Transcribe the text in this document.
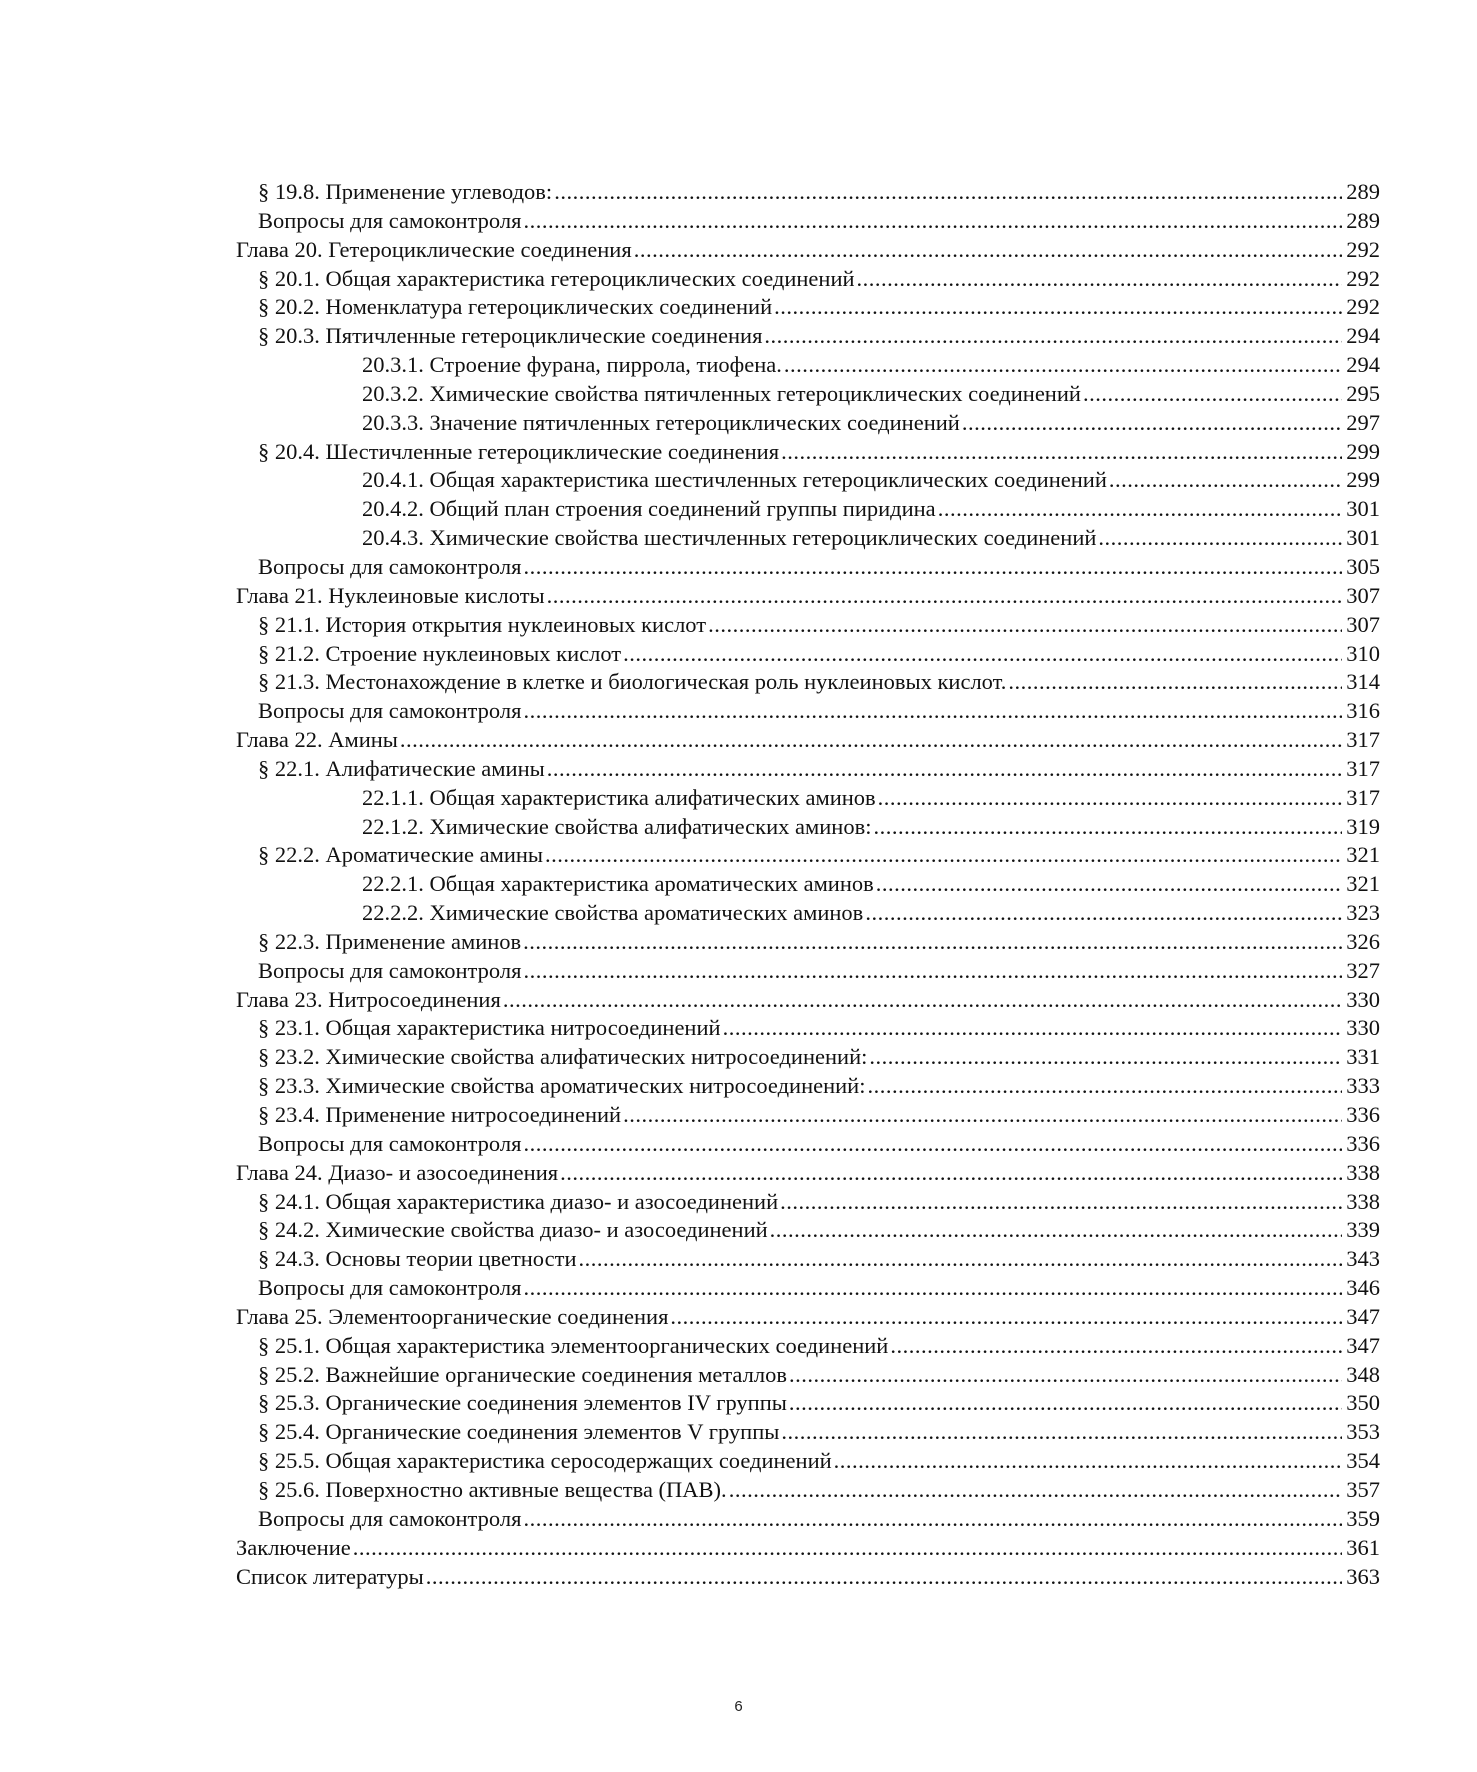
§ 19.8. Применение углеводов: .....	289
Вопросы для самоконтроля .....	289
Глава 20. Гетероциклические соединения .....	292
§ 20.1. Общая характеристика гетероциклических соединений .....	292
§ 20.2. Номенклатура гетероциклических соединений .....	292
§ 20.3. Пятичленные гетероциклические соединения .....	294
20.3.1. Строение фурана, пиррола, тиофена. .....	294
20.3.2. Химические свойства пятичленных гетероциклических соединений .....	295
20.3.3. Значение пятичленных гетероциклических соединений .....	297
§ 20.4. Шестичленные гетероциклические соединения .....	299
20.4.1. Общая характеристика шестичленных гетероциклических соединений .....	299
20.4.2. Общий план строения соединений группы пиридина .....	301
20.4.3. Химические свойства шестичленных гетероциклических соединений .....	301
Вопросы для самоконтроля .....	305
Глава 21. Нуклеиновые кислоты .....	307
§ 21.1. История открытия нуклеиновых кислот .....	307
§ 21.2. Строение нуклеиновых кислот .....	310
§ 21.3. Местонахождение в клетке и биологическая роль нуклеиновых кислот. .....	314
Вопросы для самоконтроля .....	316
Глава 22. Амины .....	317
§ 22.1. Алифатические амины .....	317
22.1.1. Общая характеристика алифатических аминов .....	317
22.1.2. Химические свойства алифатических аминов: .....	319
§ 22.2. Ароматические амины .....	321
22.2.1. Общая характеристика ароматических аминов .....	321
22.2.2. Химические свойства ароматических аминов .....	323
§ 22.3. Применение аминов .....	326
Вопросы для самоконтроля .....	327
Глава 23. Нитросоединения .....	330
§ 23.1. Общая характеристика нитросоединений .....	330
§ 23.2. Химические свойства алифатических нитросоединений: .....	331
§ 23.3. Химические свойства ароматических нитросоединений: .....	333
§ 23.4. Применение нитросоединений .....	336
Вопросы для самоконтроля .....	336
Глава 24. Диазо- и азосоединения .....	338
§ 24.1. Общая характеристика диазо- и азосоединений .....	338
§ 24.2. Химические свойства диазо- и азосоединений .....	339
§ 24.3. Основы теории цветности .....	343
Вопросы для самоконтроля .....	346
Глава 25. Элементоорганические соединения .....	347
§ 25.1. Общая характеристика элементоорганических соединений .....	347
§ 25.2. Важнейшие органические соединения металлов .....	348
§ 25.3. Органические соединения элементов IV группы .....	350
§ 25.4. Органические соединения элементов V группы .....	353
§ 25.5. Общая характеристика серосодержащих соединений .....	354
§ 25.6. Поверхностно активные вещества (ПАВ). .....	357
Вопросы для самоконтроля .....	359
Заключение .....	361
Список литературы .....	363
6
